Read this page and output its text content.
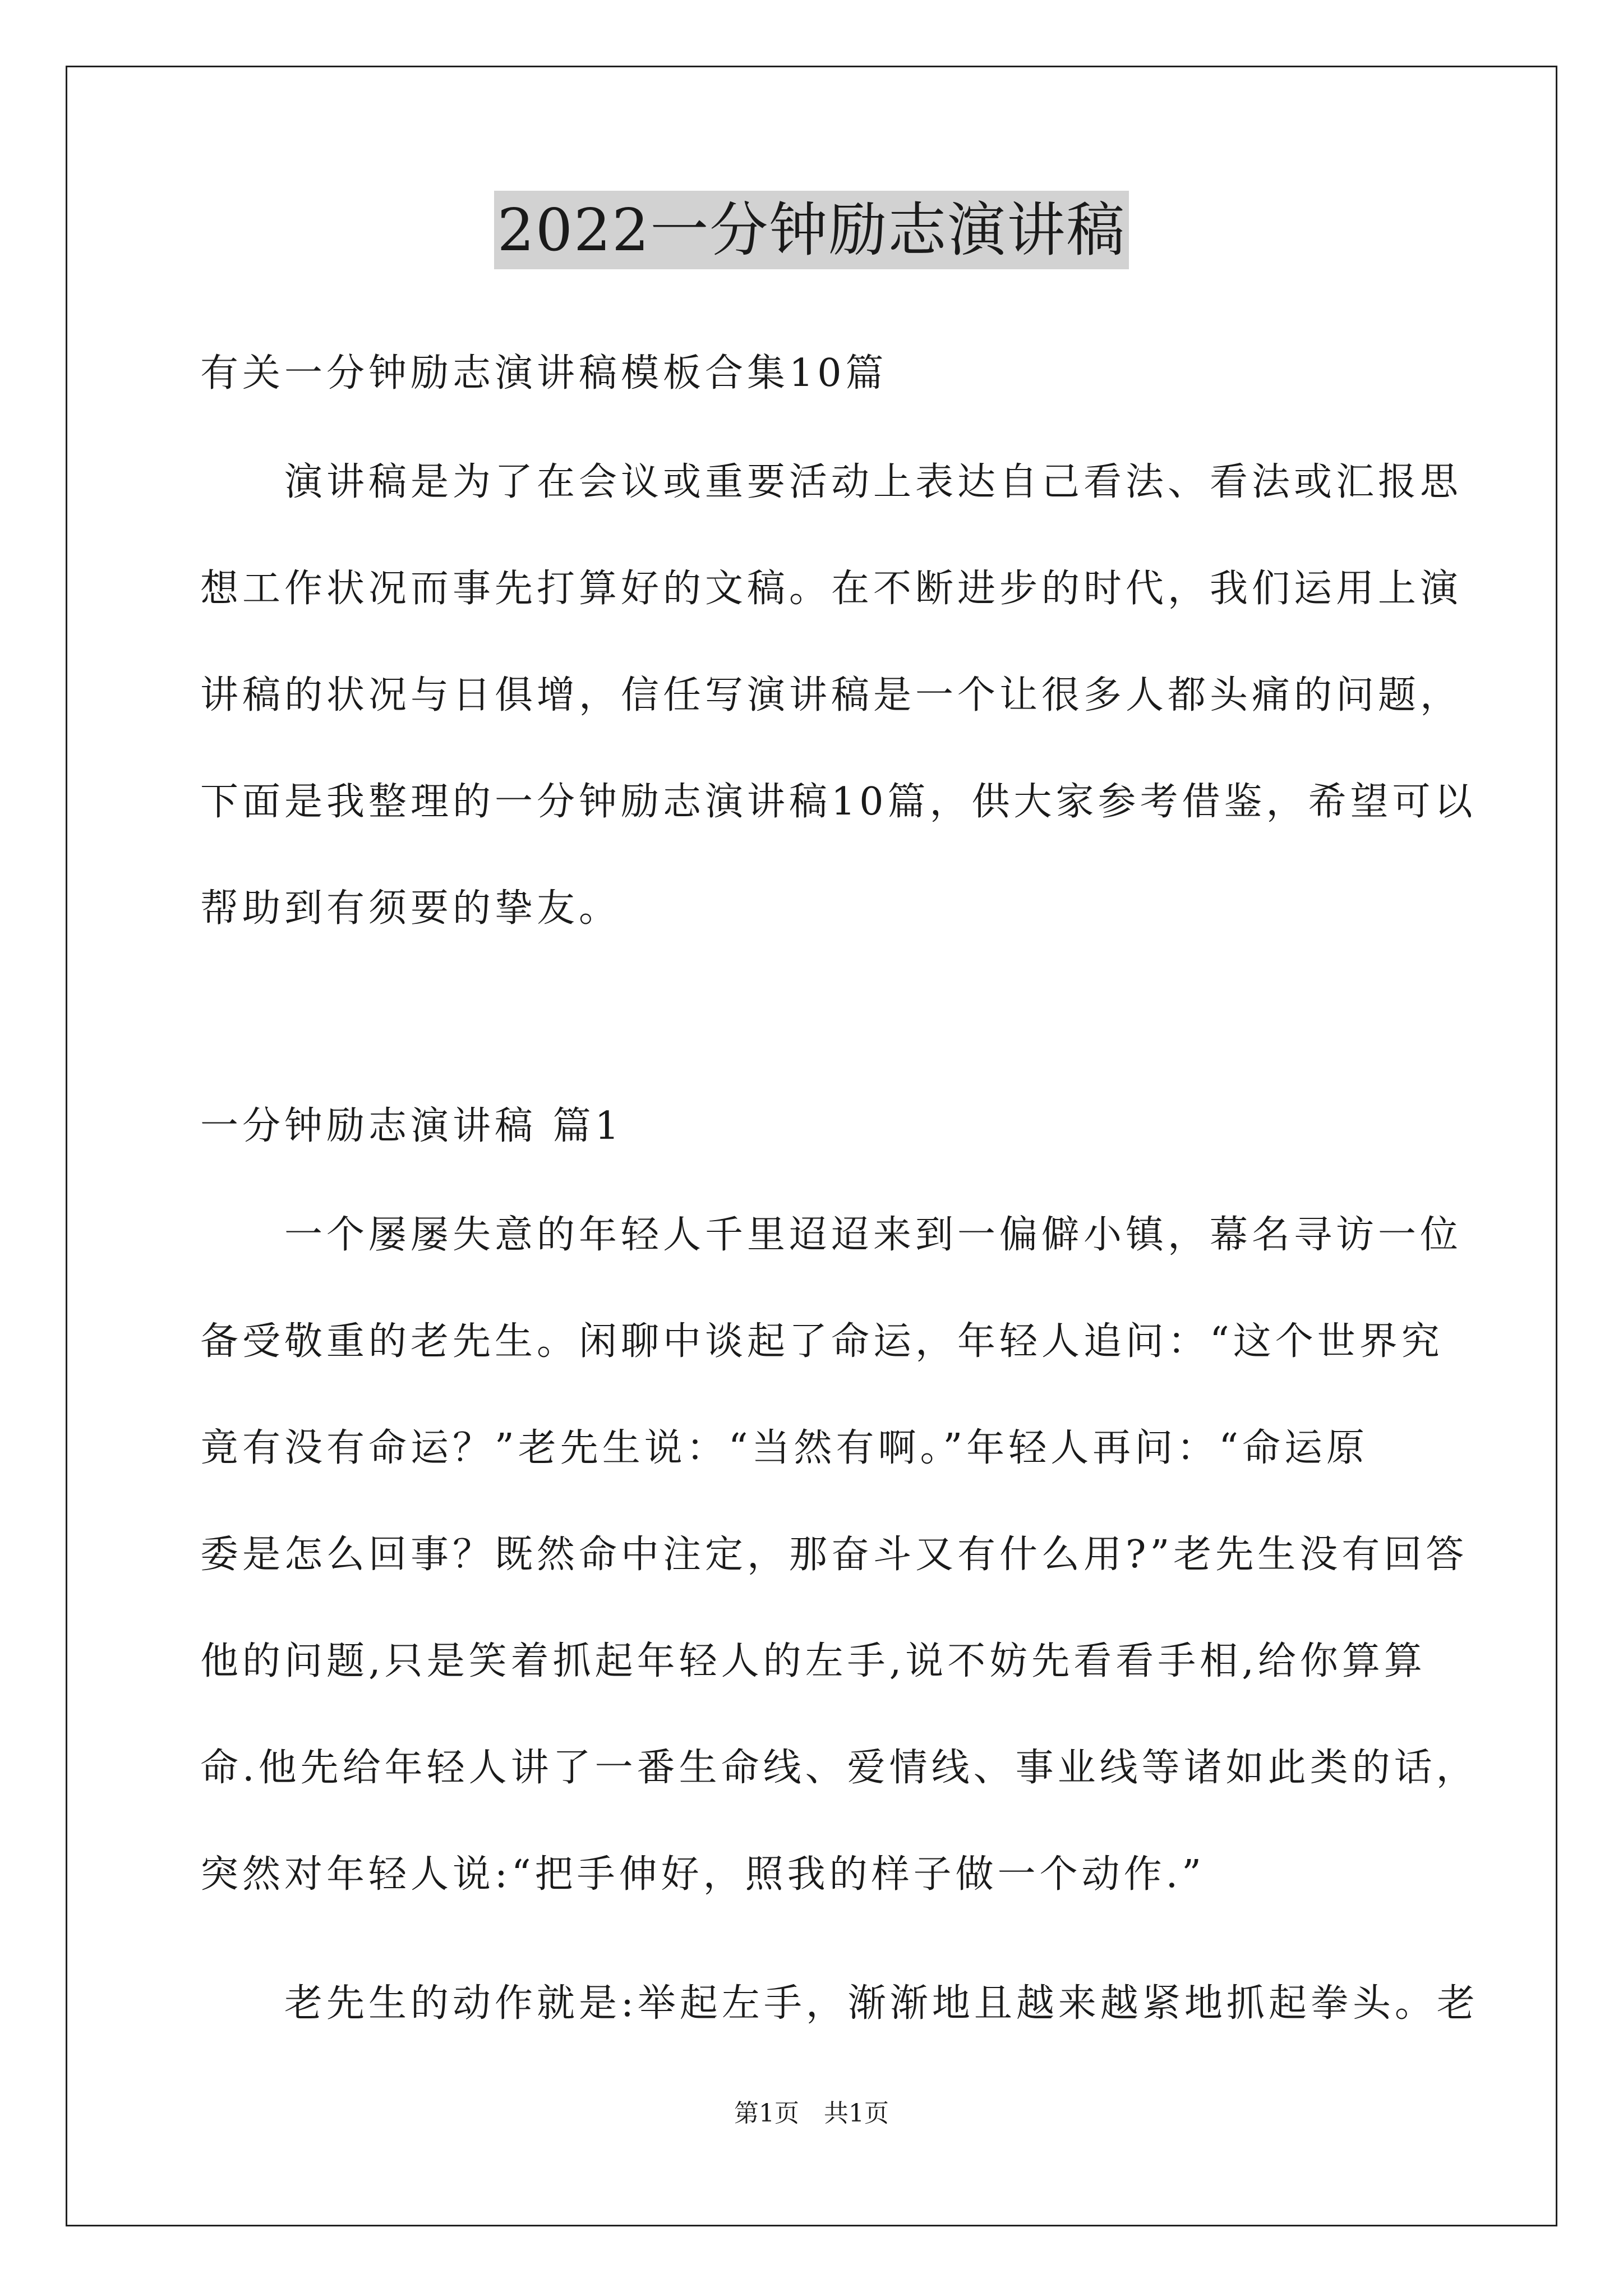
2022一分钟励志演讲稿
有关一分钟励志演讲稿模板合集10篇
　　演讲稿是为了在会议或重要活动上表达自己看法、看法或汇报思
想工作状况而事先打算好的文稿。在不断进步的时代，我们运用上演
讲稿的状况与日俱增，信任写演讲稿是一个让很多人都头痛的问题，
下面是我整理的一分钟励志演讲稿10篇，供大家参考借鉴，希望可以
帮助到有须要的挚友。
一分钟励志演讲稿 篇1
　　一个屡屡失意的年轻人千里迢迢来到一偏僻小镇，幕名寻访一位
备受敬重的老先生。闲聊中谈起了命运，年轻人追问：“这个世界究
竟有没有命运？”老先生说：“当然有啊。”年轻人再问：“命运原
委是怎么回事？既然命中注定，那奋斗又有什么用?”老先生没有回答
他的问题,只是笑着抓起年轻人的左手,说不妨先看看手相,给你算算
命.他先给年轻人讲了一番生命线、爱情线、事业线等诸如此类的话，
突然对年轻人说:“把手伸好，照我的样子做一个动作.”
　　老先生的动作就是:举起左手，渐渐地且越来越紧地抓起拳头。老
第1页　共1页
